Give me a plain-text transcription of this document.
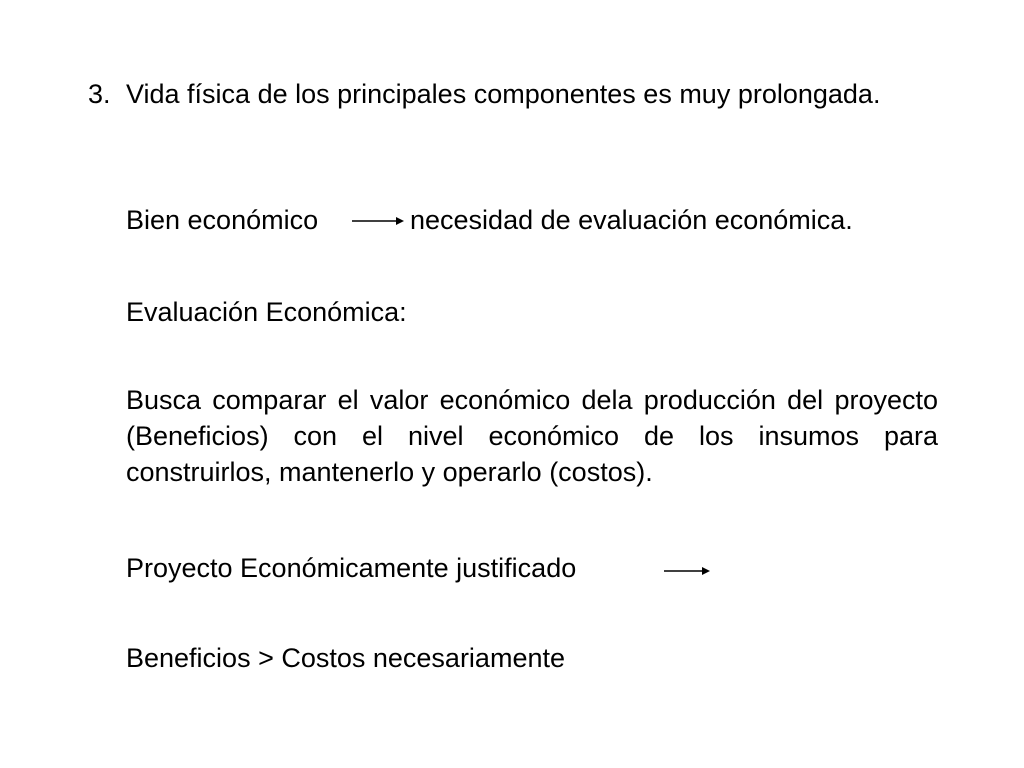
3. Vida física de los principales componentes es muy prolongada.
Bien económico	necesidad de evaluación económica.
Evaluación Económica:
Busca comparar el valor económico dela producción del proyecto (Beneficios) con el nivel económico de los insumos para construirlos, mantenerlo y operarlo (costos).
Proyecto Económicamente justificado
Beneficios > Costos necesariamente
